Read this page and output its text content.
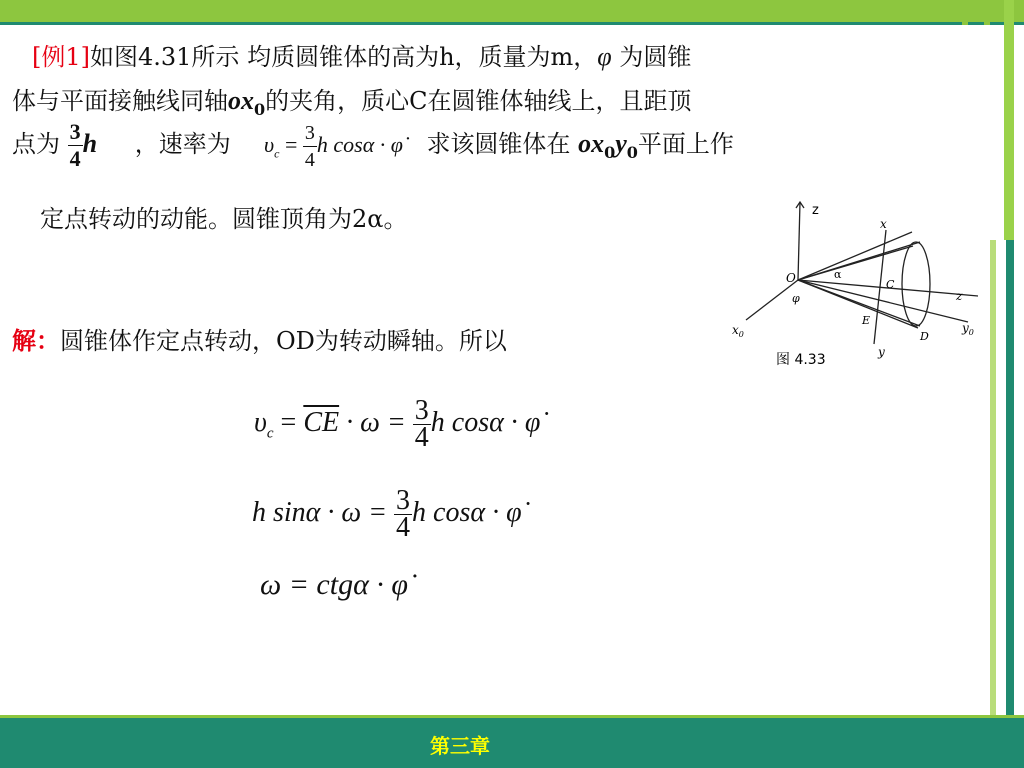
[例1]如图4.31所示 均质圆锥体的高为h，质量为m，φ 为圆锥
体与平面接触线同轴$ox_0$的夹角，质心C在圆锥体轴线上，且距顶
点为 $\frac{3}{4}$ h ，速率为 $\upsilon_c = \frac{3}{4}$ h cosα · φ̇ 求该圆锥体在 $ox_0y_0$平面上作
定点转动的动能。圆锥顶角为2α。
解：圆锥体作定点转动，OD为转动瞬轴。所以
$\upsilon_c = \overline{CE} \cdot \omega = \frac{3}{4}$ h cosα · φ̇
h $\sin\alpha \cdot \omega = \frac{3}{4}$ h cosα · φ̇
ω = ctgα · φ̇
z
x
O	α
C
z
E
D
$y_0$
$x_0$
φ
y
图 4.33
第三章
